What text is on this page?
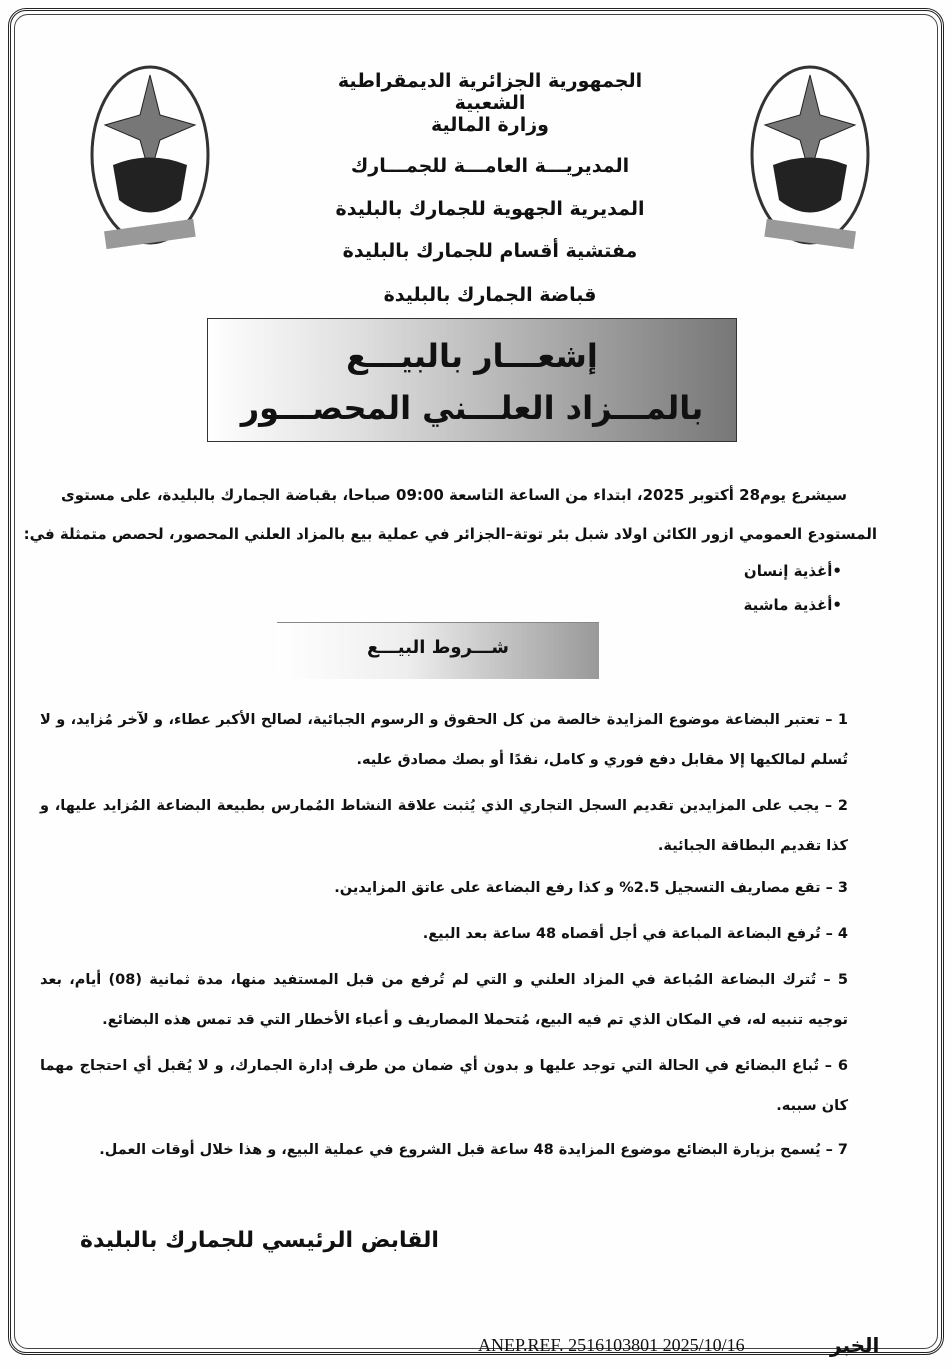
الجمهورية الجزائرية الديمقراطية الشعبية
وزارة المالية
المديريـــة العامـــة للجمـــارك
المديرية الجهوية للجمارك بالبليدة
مفتشية أقسام للجمارك بالبليدة
قباضة الجمارك بالبليدة
إشعـــار بالبيـــع
بالمـــزاد العلـــني المحصـــور
سيشرع يوم28 أكتوبر 2025، ابتداء من الساعة التاسعة 09:00 صباحا، بقباضة الجمارك بالبليدة، على مستوى
المستودع العمومي ازور الكائن اولاد شبل بئر توتة–الجزائر في عملية بيع بالمزاد العلني المحصور، لحصص متمثلة في:
•أغذية إنسان
•أغذية ماشية
شـــروط البيـــع
1 – تعتبر البضاعة موضوع المزايدة خالصة من كل الحقوق و الرسوم الجبائية، لصالح الأكبر عطاء، و لآخر مُزايد، و لا تُسلم لمالكيها إلا مقابل دفع فوري و كامل، نقدًا أو بصك مصادق عليه.
2 – يجب على المزايدين تقديم السجل التجاري الذي يُثبت علاقة النشاط المُمارس بطبيعة البضاعة المُزايد عليها، و كذا تقديم البطاقة الجبائية.
3 – تقع مصاريف التسجيل 2.5% و كذا رفع البضاعة على عاتق المزايدين.
4 – تُرفع البضاعة المباعة في أجل أقصاه 48 ساعة بعد البيع.
5 – تُترك البضاعة المُباعة في المزاد العلني و التي لم تُرفع من قبل المستفيد منها، مدة ثمانية (08) أيام، بعد توجيه تنبيه له، في المكان الذي تم فيه البيع، مُتحملا المصاريف و أعباء الأخطار التي قد تمس هذه البضائع.
6 – تُباع البضائع في الحالة التي توجد عليها و بدون أي ضمان من طرف إدارة الجمارك، و لا يُقبل أي احتجاج مهما كان سببه.
7 – يُسمح بزيارة البضائع موضوع المزايدة 48 ساعة قبل الشروع في عملية البيع، و هذا خلال أوقات العمل.
القابض الرئيسي للجمارك بالبليدة
ANEP.REF. 2516103801 2025/10/16	الخبر
